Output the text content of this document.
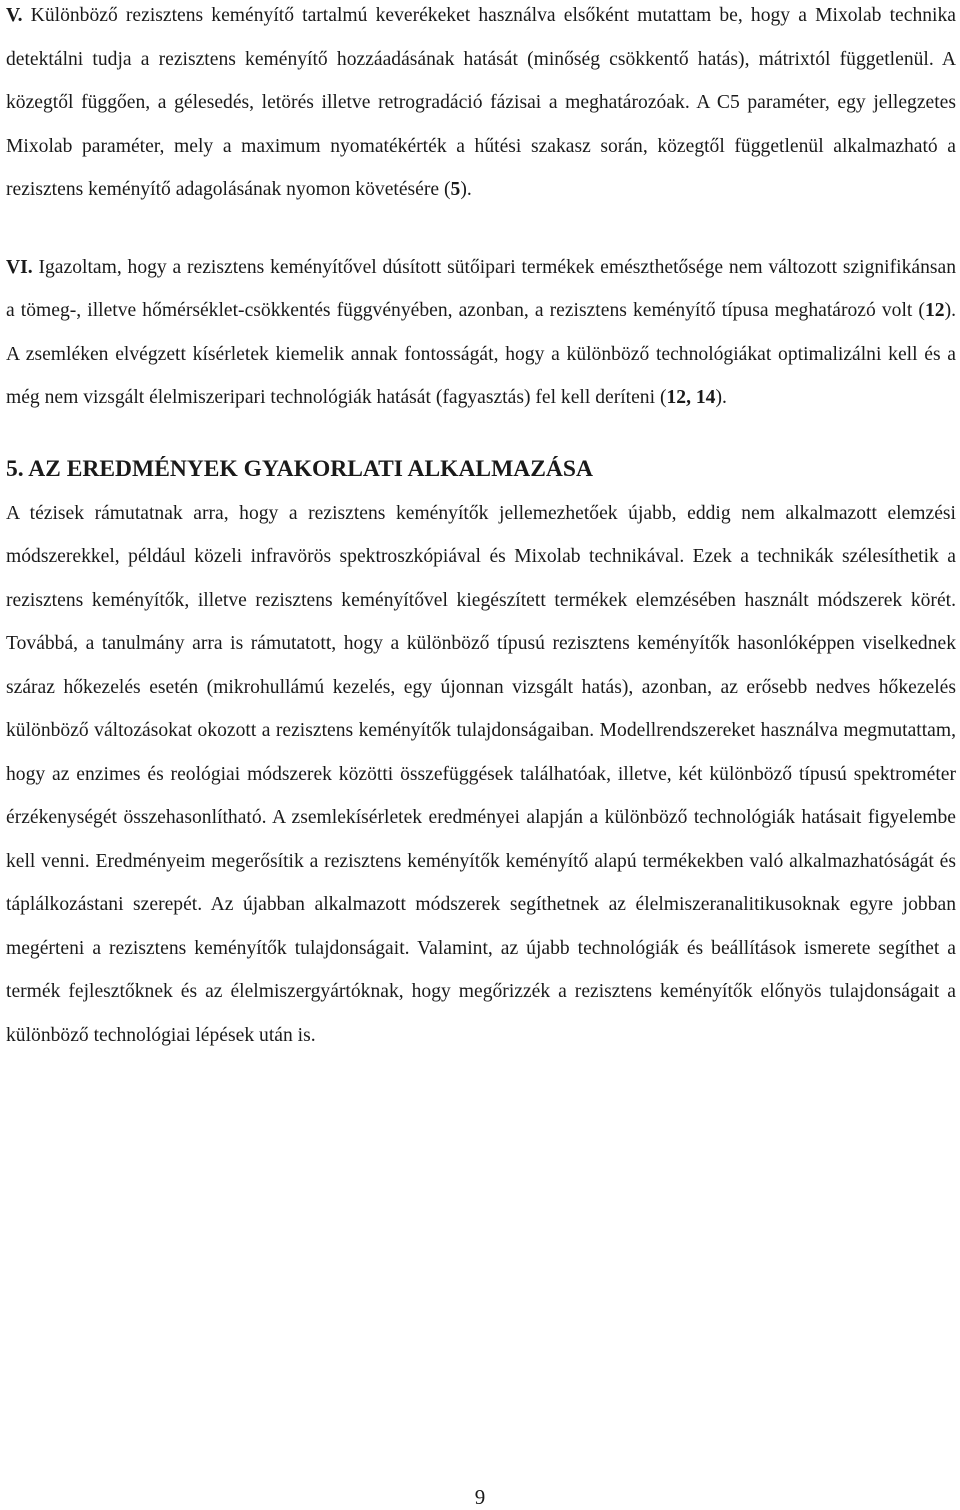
V. Különböző rezisztens keményítő tartalmú keverékeket használva elsőként mutattam be, hogy a Mixolab technika detektálni tudja a rezisztens keményítő hozzáadásának hatását (minőség csökkentő hatás), mátrixtól függetlenül. A közegtől függően, a gélesedés, letörés illetve retrogradáció fázisai a meghatározóak. A C5 paraméter, egy jellegzetes Mixolab paraméter, mely a maximum nyomatékérték a hűtési szakasz során, közegtől függetlenül alkalmazható a rezisztens keményítő adagolásának nyomon követésére (5).

VI. Igazoltam, hogy a rezisztens keményítővel dúsított sütőipari termékek emészthetősége nem változott szignifikánsan a tömeg-, illetve hőmérséklet-csökkentés függvényében, azonban, a rezisztens keményítő típusa meghatározó volt (12). A zsemléken elvégzett kísérletek kiemelik annak fontosságát, hogy a különböző technológiákat optimalizálni kell és a még nem vizsgált élelmiszeripari technológiák hatását (fagyasztás) fel kell deríteni (12, 14).

5. AZ EREDMÉNYEK GYAKORLATI ALKALMAZÁSA

A tézisek rámutatnak arra, hogy a rezisztens keményítők jellemezhetőek újabb, eddig nem alkalmazott elemzési módszerekkel, például közeli infravörös spektroszkópiával és Mixolab technikával. Ezek a technikák szélesíthetik a rezisztens keményítők, illetve rezisztens keményítővel kiegészített termékek elemzésében használt módszerek körét. Továbbá, a tanulmány arra is rámutatott, hogy a különböző típusú rezisztens keményítők hasonlóképpen viselkednek száraz hőkezelés esetén (mikrohullámú kezelés, egy újonnan vizsgált hatás), azonban, az erősebb nedves hőkezelés különböző változásokat okozott a rezisztens keményítők tulajdonságaiban. Modellrendszereket használva megmutattam, hogy az enzimes és reológiai módszerek közötti összefüggések találhatóak, illetve, két különböző típusú spektrométer érzékenységét összehasonlítható. A zsemlekísérletek eredményei alapján a különböző technológiák hatásait figyelembe kell venni. Eredményeim megerősítik a rezisztens keményítők keményítő alapú termékekben való alkalmazhatóságát és táplálkozástani szerepét. Az újabban alkalmazott módszerek segíthetnek az élelmiszeranalitikusoknak egyre jobban megérteni a rezisztens keményítők tulajdonságait. Valamint, az újabb technológiák és beállítások ismerete segíthet a termék fejlesztőknek és az élelmiszergyártóknak, hogy megőrizzék a rezisztens keményítők előnyös tulajdonságait a különböző technológiai lépések után is.

9
